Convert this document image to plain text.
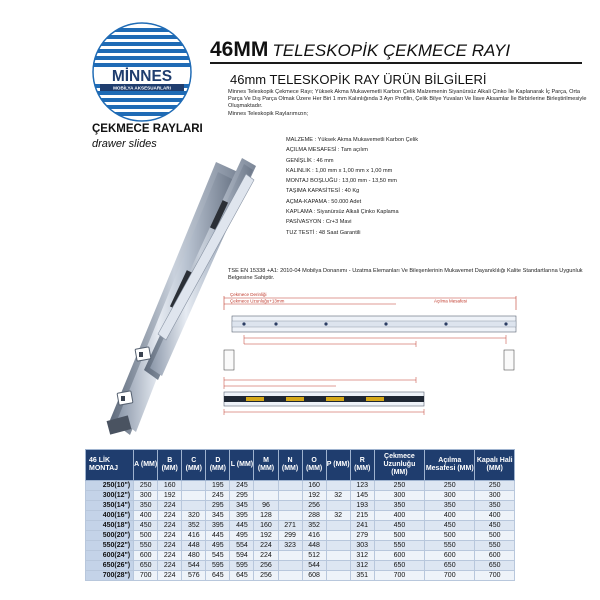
MİNNES
MOBİLYA AKSESUARLARI
46MM TELESKOPİK ÇEKMECE RAYI
46mm TELESKOPİK RAY ÜRÜN BİLGİLERİ
Minnes Teleskopik Çekmece Rayı; Yüksek Akma Mukavemetli Karbon Çelik Malzemenin Siyanürsüz Alkali Çinko İle Kaplanarak İç Parça, Orta Parça Ve Dış Parça Olmak Üzere Her Biri 1 mm Kalınlığında 3 Ayrı Profilin, Çelik Bilye Yuvaları Ve İlave Aksamlar İle Birbirlerine Birleştirilmesiyle Oluşmaktadır.
Minnes Teleskopik Raylarımızın;
MALZEME : Yüksek Akma Mukavemetli Karbon Çelik
AÇILMA MESAFESİ : Tam açılım
GENİŞLİK : 46 mm
KALINLIK : 1,00 mm x 1,00 mm x 1,00 mm
MONTAJ BOŞLUĞU : 13,00 mm - 13,50 mm
TAŞIMA KAPASİTESİ : 40 Kg
AÇMA-KAPAMA : 50.000 Adet
KAPLAMA : Siyanürsüz Alkali Çinko Kaplama
PASİVASYON : Cr+3 Mavi
TUZ TESTİ : 48 Saat Garantili
ÇEKMECE RAYLARI
drawer slides
TSE EN 15338 +A1: 2010-04 Mobilya Donanımı - Uzatma Elemanları Ve Bileşenlerinin Mukavemet Dayanıklılığı Kalite Standartlarına Uygunluk Belgesine Sahiptir.
Çekmece Derinliği
Çekmece Uzunluğu+13mm	Açılma Mesafesi
46 LİK MONTAJ	A (MM)	B (MM)	C (MM)	D (MM)	L (MM)	M (MM)	N (MM)	O (MM)	P (MM)	R (MM)	Çekmece Uzunluğu (MM)	Açılma Mesafesi (MM)	Kapalı Hali (MM)
250(10")	250	160		195	245			160		123	250	250	250
300(12")	300	192		245	295			192	32	145	300	300	300
350(14")	350	224		295	345	96		256		193	350	350	350
400(16")	400	224	320	345	395	128		288	32	215	400	400	400
450(18")	450	224	352	395	445	160	271	352		241	450	450	450
500(20")	500	224	416	445	495	192	299	416		279	500	500	500
550(22")	550	224	448	495	554	224	323	448		303	550	550	550
600(24")	600	224	480	545	594	224		512		312	600	600	600
650(26")	650	224	544	595	595	256		544		312	650	650	650
700(28")	700	224	576	645	645	256		608		351	700	700	700
